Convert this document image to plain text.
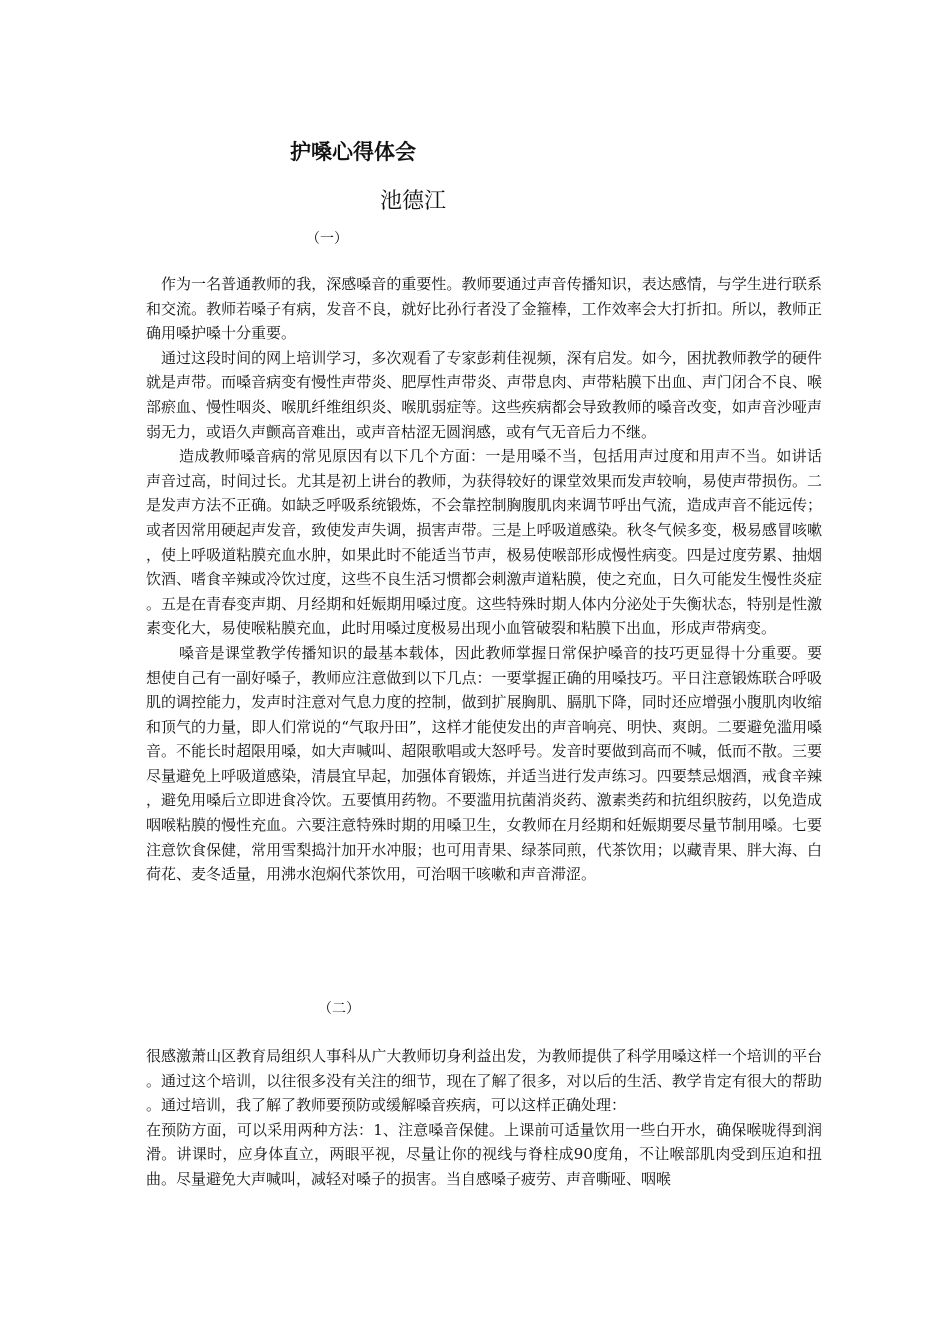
护嗓心得体会
池德江
（一）

作为一名普通教师的我，深感嗓音的重要性。教师要通过声音传播知识，表达感情，与学生进行联系和交流。教师若嗓子有病，发音不良，就好比孙行者没了金箍棒，工作效率会大打折扣。所以，教师正确用嗓护嗓十分重要。

通过这段时间的网上培训学习，多次观看了专家彭莉佳视频，深有启发。如今，困扰教师教学的硬件就是声带。而嗓音病变有慢性声带炎、肥厚性声带炎、声带息肉、声带粘膜下出血、声门闭合不良、喉部瘀血、慢性咽炎、喉肌纤维组织炎、喉肌弱症等。这些疾病都会导致教师的嗓音改变，如声音沙哑声弱无力，或语久声颤高音难出，或声音枯涩无圆润感，或有气无音后力不继。

造成教师嗓音病的常见原因有以下几个方面：一是用嗓不当，包括用声过度和用声不当。如讲话声音过高，时间过长。尤其是初上讲台的教师，为获得较好的课堂效果而发声较响，易使声带损伤。二是发声方法不正确。如缺乏呼吸系统锻炼，不会靠控制胸腹肌肉来调节呼出气流，造成声音不能远传；或者因常用硬起声发音，致使发声失调，损害声带。三是上呼吸道感染。秋冬气候多变，极易感冒咳嗽，使上呼吸道粘膜充血水肿，如果此时不能适当节声，极易使喉部形成慢性病变。四是过度劳累、抽烟饮酒、嗜食辛辣或冷饮过度，这些不良生活习惯都会刺激声道粘膜，使之充血，日久可能发生慢性炎症。五是在青春变声期、月经期和妊娠期用嗓过度。这些特殊时期人体内分泌处于失衡状态，特别是性激素变化大，易使喉粘膜充血，此时用嗓过度极易出现小血管破裂和粘膜下出血，形成声带病变。

嗓音是课堂教学传播知识的最基本载体，因此教师掌握日常保护嗓音的技巧更显得十分重要。要想使自己有一副好嗓子，教师应注意做到以下几点：一要掌握正确的用嗓技巧。平日注意锻炼联合呼吸肌的调控能力，发声时注意对气息力度的控制，做到扩展胸肌、膈肌下降，同时还应增强小腹肌肉收缩和顶气的力量，即人们常说的“气取丹田”，这样才能使发出的声音响亮、明快、爽朗。二要避免滥用嗓音。不能长时超限用嗓，如大声喊叫、超限歌唱或大怒呼号。发音时要做到高而不喊，低而不散。三要尽量避免上呼吸道感染，清晨宜早起，加强体育锻炼，并适当进行发声练习。四要禁忌烟酒，戒食辛辣，避免用嗓后立即进食冷饮。五要慎用药物。不要滥用抗菌消炎药、激素类药和抗组织胺药，以免造成咽喉粘膜的慢性充血。六要注意特殊时期的用嗓卫生，女教师在月经期和妊娠期要尽量节制用嗓。七要注意饮食保健，常用雪梨捣汁加开水冲服；也可用青果、绿茶同煎，代茶饮用；以藏青果、胖大海、白荷花、麦冬适量，用沸水泡焖代茶饮用，可治咽干咳嗽和声音滞涩。

（二）

很感激萧山区教育局组织人事科从广大教师切身利益出发，为教师提供了科学用嗓这样一个培训的平台。通过这个培训，以往很多没有关注的细节，现在了解了很多，对以后的生活、教学肯定有很大的帮助。通过培训，我了解了教师要预防或缓解嗓音疾病，可以这样正确处理：

在预防方面，可以采用两种方法：1、注意嗓音保健。上课前可适量饮用一些白开水，确保喉咙得到润滑。讲课时，应身体直立，两眼平视，尽量让你的视线与脊柱成90度角，不让喉部肌肉受到压迫和扭曲。尽量避免大声喊叫，减轻对嗓子的损害。当自感嗓子疲劳、声音嘶哑、咽喉
